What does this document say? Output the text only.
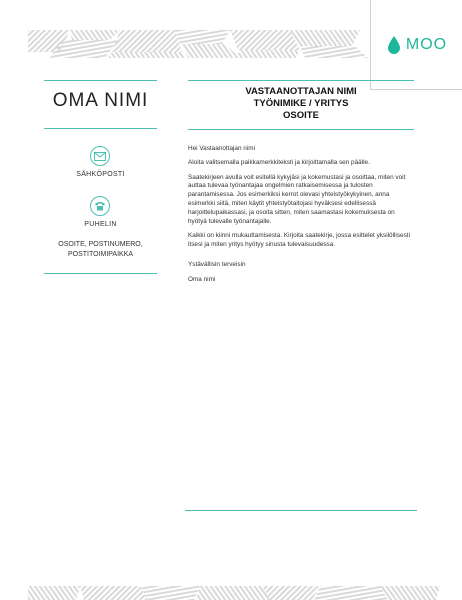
MOO
OMA NIMI
SÄHKÖPOSTI
PUHELIN
OSOITE, POSTINUMERO,
POSTITOIMIPAIKKA
VASTAANOTTAJAN NIMI
TYÖNIMIKE / YRITYS
OSOITE

Hei Vastaanottajan nimi

Aloita valitsemalla paikkamerkkiteksti ja kirjoittamalla sen päälle.

Saatekirjeen avulla voit esitellä kykyjäsi ja kokemustasi ja osoittaa, miten voit auttaa tulevaa työnantajaa ongelmien ratkaisemisessa ja tulosten parantamisessa. Jos esimerkiksi kerrot olevasi yhteistyökykyinen, anna esimerkki siitä, miten käytit yhteistyötaitojasi hyväksesi edellisessä harjoittelupaikassasi, ja osoita sitten, miten saamastasi kokemuksesta on hyötyä tulevalle työnantajalle.

Kaikki on kiinni mukauttamisesta. Kirjoita saatekirje, jossa esittelet yksilöllisesti itsesi ja miten yritys hyötyy sinusta tulevaisuudessa.

Ystävällisin terveisin

Oma nimi
